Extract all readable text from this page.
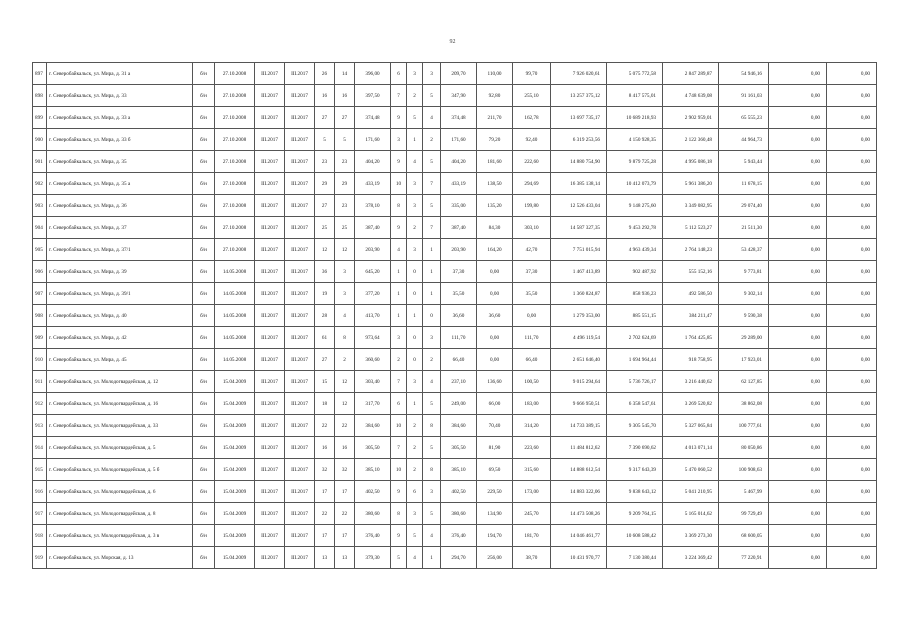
92
897	г. Северобайкальск, ул. Мира, д. 31 а	б/н	27.10.2008	III.2017	III.2017	26	14	396,00	6	3	3	209,70	110,00	99,70	7 926 020,61	5 075 772,58	2 847 289,87	54 946,16	0,00	0,00
898	г. Северобайкальск, ул. Мира, д. 33	б/н	27.10.2008	III.2017	III.2017	16	16	397,50	7	2	5	347,90	92,80	255,10	13 257 375,12	8 417 575,01	4 748 639,08	91 161,03	0,00	0,00
899	г. Северобайкальск, ул. Мира, д. 33 а	б/н	27.10.2008	III.2017	III.2017	27	27	374,48	9	5	4	374,48	211,70	162,78	13 697 735,17	10 689 218,93	2 902 959,01	65 555,23	0,00	0,00
900	г. Северобайкальск, ул. Мира, д. 33 б	б/н	27.10.2008	III.2017	III.2017	5	5	171,60	3	1	2	171,60	79,20	92,40	6 319 253,56	4 150 928,35	2 122 360,48	44 964,73	0,00	0,00
901	г. Северобайкальск, ул. Мира, д. 35	б/н	27.10.2008	III.2017	III.2017	23	23	404,20	9	4	5	404,20	181,60	222,60	14 880 754,90	9 879 725,28	4 995 086,18	5 943,44	0,00	0,00
902	г. Северобайкальск, ул. Мира, д. 35 а	б/н	27.10.2008	III.2017	III.2017	29	29	433,19	10	3	7	433,19	138,50	294,69	16 385 138,14	10 412 073,79	5 961 386,20	11 678,15	0,00	0,00
903	г. Северобайкальск, ул. Мира, д. 36	б/н	27.10.2008	III.2017	III.2017	27	23	378,10	8	3	5	335,00	135,20	199,80	12 526 433,04	9 148 275,60	3 349 082,95	29 074,40	0,00	0,00
904	г. Северобайкальск, ул. Мира, д. 37	б/н	27.10.2008	III.2017	III.2017	25	25	387,40	9	2	7	387,40	84,30	303,10	14 587 327,35	9 453 292,78	5 112 523,27	21 511,30	0,00	0,00
905	г. Северобайкальск, ул. Мира, д. 37/1	б/н	27.10.2008	III.2017	III.2017	12	12	203,90	4	3	1	203,90	164,20	42,70	7 751 015,94	4 963 439,34	2 764 148,23	53 428,37	0,00	0,00
906	г. Северобайкальск, ул. Мира, д. 39	б/н	14.05.2008	III.2017	III.2017	36	3	645,20	1	0	1	37,30	0,00	37,30	1 467 413,89	902 487,92	555 152,16	9 773,81	0,00	0,00
907	г. Северобайкальск, ул. Мира, д. 39/1	б/н	14.05.2008	III.2017	III.2017	19	3	377,20	1	0	1	35,50	0,00	35,50	1 360 824,87	858 936,23	492 586,50	9 302,14	0,00	0,00
908	г. Северобайкальск, ул. Мира, д. 40	б/н	14.05.2008	III.2017	III.2017	28	4	413,70	1	1	0	36,60	36,60	0,00	1 279 353,00	885 551,15	384 211,47	9 590,38	0,00	0,00
909	г. Северобайкальск, ул. Мира, д. 42	б/н	14.05.2008	III.2017	III.2017	61	8	973,64	3	0	3	111,70	0,00	111,70	4 496 119,54	2 702 624,69	1 764 425,85	29 289,00	0,00	0,00
910	г. Северобайкальск, ул. Мира, д. 45	б/н	14.05.2008	III.2017	III.2017	27	2	360,60	2	0	2	66,40	0,00	66,40	2 651 646,40	1 694 964,44	918 758,95	17 923,01	0,00	0,00
911	г. Северобайкальск, ул. Молодогвардейская, д. 12	б/н	15.04.2009	III.2017	III.2017	15	12	303,40	7	3	4	237,10	136,60	100,50	9 015 294,64	5 736 726,17	3 216 440,62	62 127,85	0,00	0,00
912	г. Северобайкальск, ул. Молодогвардейская, д. 16	б/н	15.04.2009	III.2017	III.2017	18	12	317,70	6	1	5	249,00	66,00	183,00	9 666 950,51	6 358 547,61	3 269 520,82	38 862,08	0,00	0,00
913	г. Северобайкальск, ул. Молодогвардейская, д. 33	б/н	15.04.2009	III.2017	III.2017	22	22	384,60	10	2	8	384,60	70,40	314,20	14 733 389,15	9 305 545,70	5 327 065,84	100 777,61	0,00	0,00
914	г. Северобайкальск, ул. Молодогвардейская, д. 5	б/н	15.04.2009	III.2017	III.2017	16	16	305,50	7	2	5	305,50	81,90	223,60	11 484 812,62	7 390 690,62	4 013 071,14	80 050,86	0,00	0,00
915	г. Северобайкальск, ул. Молодогвардейская, д. 5 б	б/н	15.04.2009	III.2017	III.2017	32	32	385,10	10	2	8	385,10	69,50	315,60	14 888 612,54	9 317 643,39	5 470 060,52	100 908,63	0,00	0,00
916	г. Северобайкальск, ул. Молодогвардейская, д. 6	б/н	15.04.2009	III.2017	III.2017	17	17	402,50	9	6	3	402,50	229,50	173,00	14 883 322,06	9 838 643,12	5 041 210,95	5 467,99	0,00	0,00
917	г. Северобайкальск, ул. Молодогвардейская, д. 8	б/н	15.04.2009	III.2017	III.2017	22	22	380,60	8	3	5	380,60	134,90	245,70	14 473 508,26	9 209 764,15	5 165 014,62	99 729,49	0,00	0,00
918	г. Северобайкальск, ул. Молодогвардейская, д. 3 в	б/н	15.04.2009	III.2017	III.2017	17	17	376,40	9	5	4	376,40	194,70	181,70	14 046 461,77	10 608 588,42	3 369 273,30	68 600,05	0,00	0,00
919	г. Северобайкальск, ул. Морская, д. 13	б/н	15.04.2009	III.2017	III.2017	13	13	379,30	5	4	1	294,70	256,00	38,70	10 431 970,77	7 130 380,44	3 224 369,42	77 220,91	0,00	0,00
